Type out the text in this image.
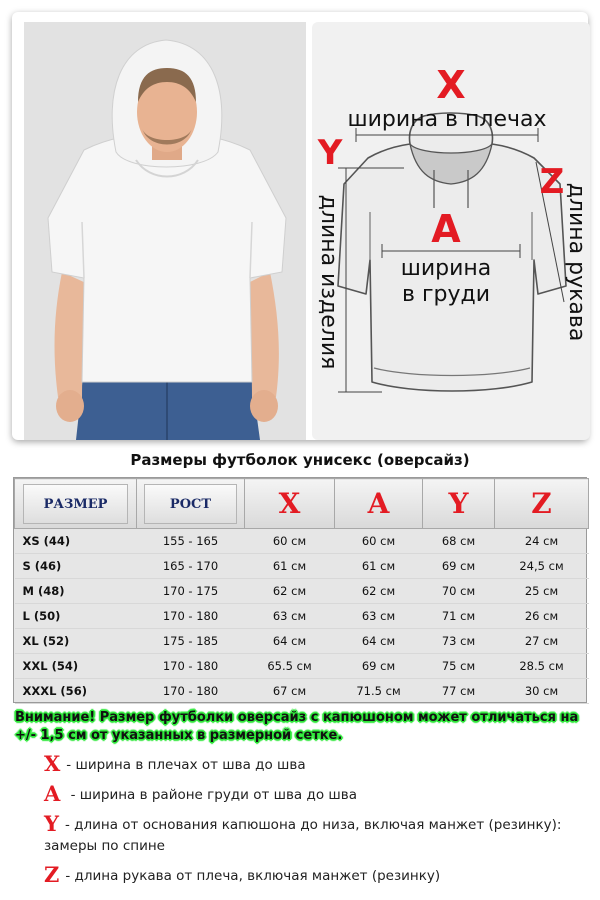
X
ширина в плечах
Y
длина изделия
Z
длина рукава
A
ширина
в груди
Размеры футболок унисекс (оверсайз)
РАЗМЕР	РОСТ	X	A	Y	Z
XS (44)	155 - 165	60 см	60 см	68 см	24 см
S (46)	165 - 170	61 см	61 см	69 см	24,5 см
M (48)	170 - 175	62 см	62 см	70 см	25 см
L (50)	170 - 180	63 см	63 см	71 см	26 см
XL (52)	175 - 185	64 см	64 см	73 см	27 см
XXL (54)	170 - 180	65.5 см	69 см	75 см	28.5 см
XXXL (56)	170 - 180	67 см	71.5 см	77 см	30 см
Внимание! Размер футболки оверсайз с капюшоном может отличаться на +/- 1,5 см от указанных в размерной сетке.
X - ширина в плечах от шва до шва
A - ширина в районе груди от шва до шва
Y - длина от основания капюшона до низа, включая манжет (резинку): замеры по спине
Z - длина рукава от плеча, включая манжет (резинку)
